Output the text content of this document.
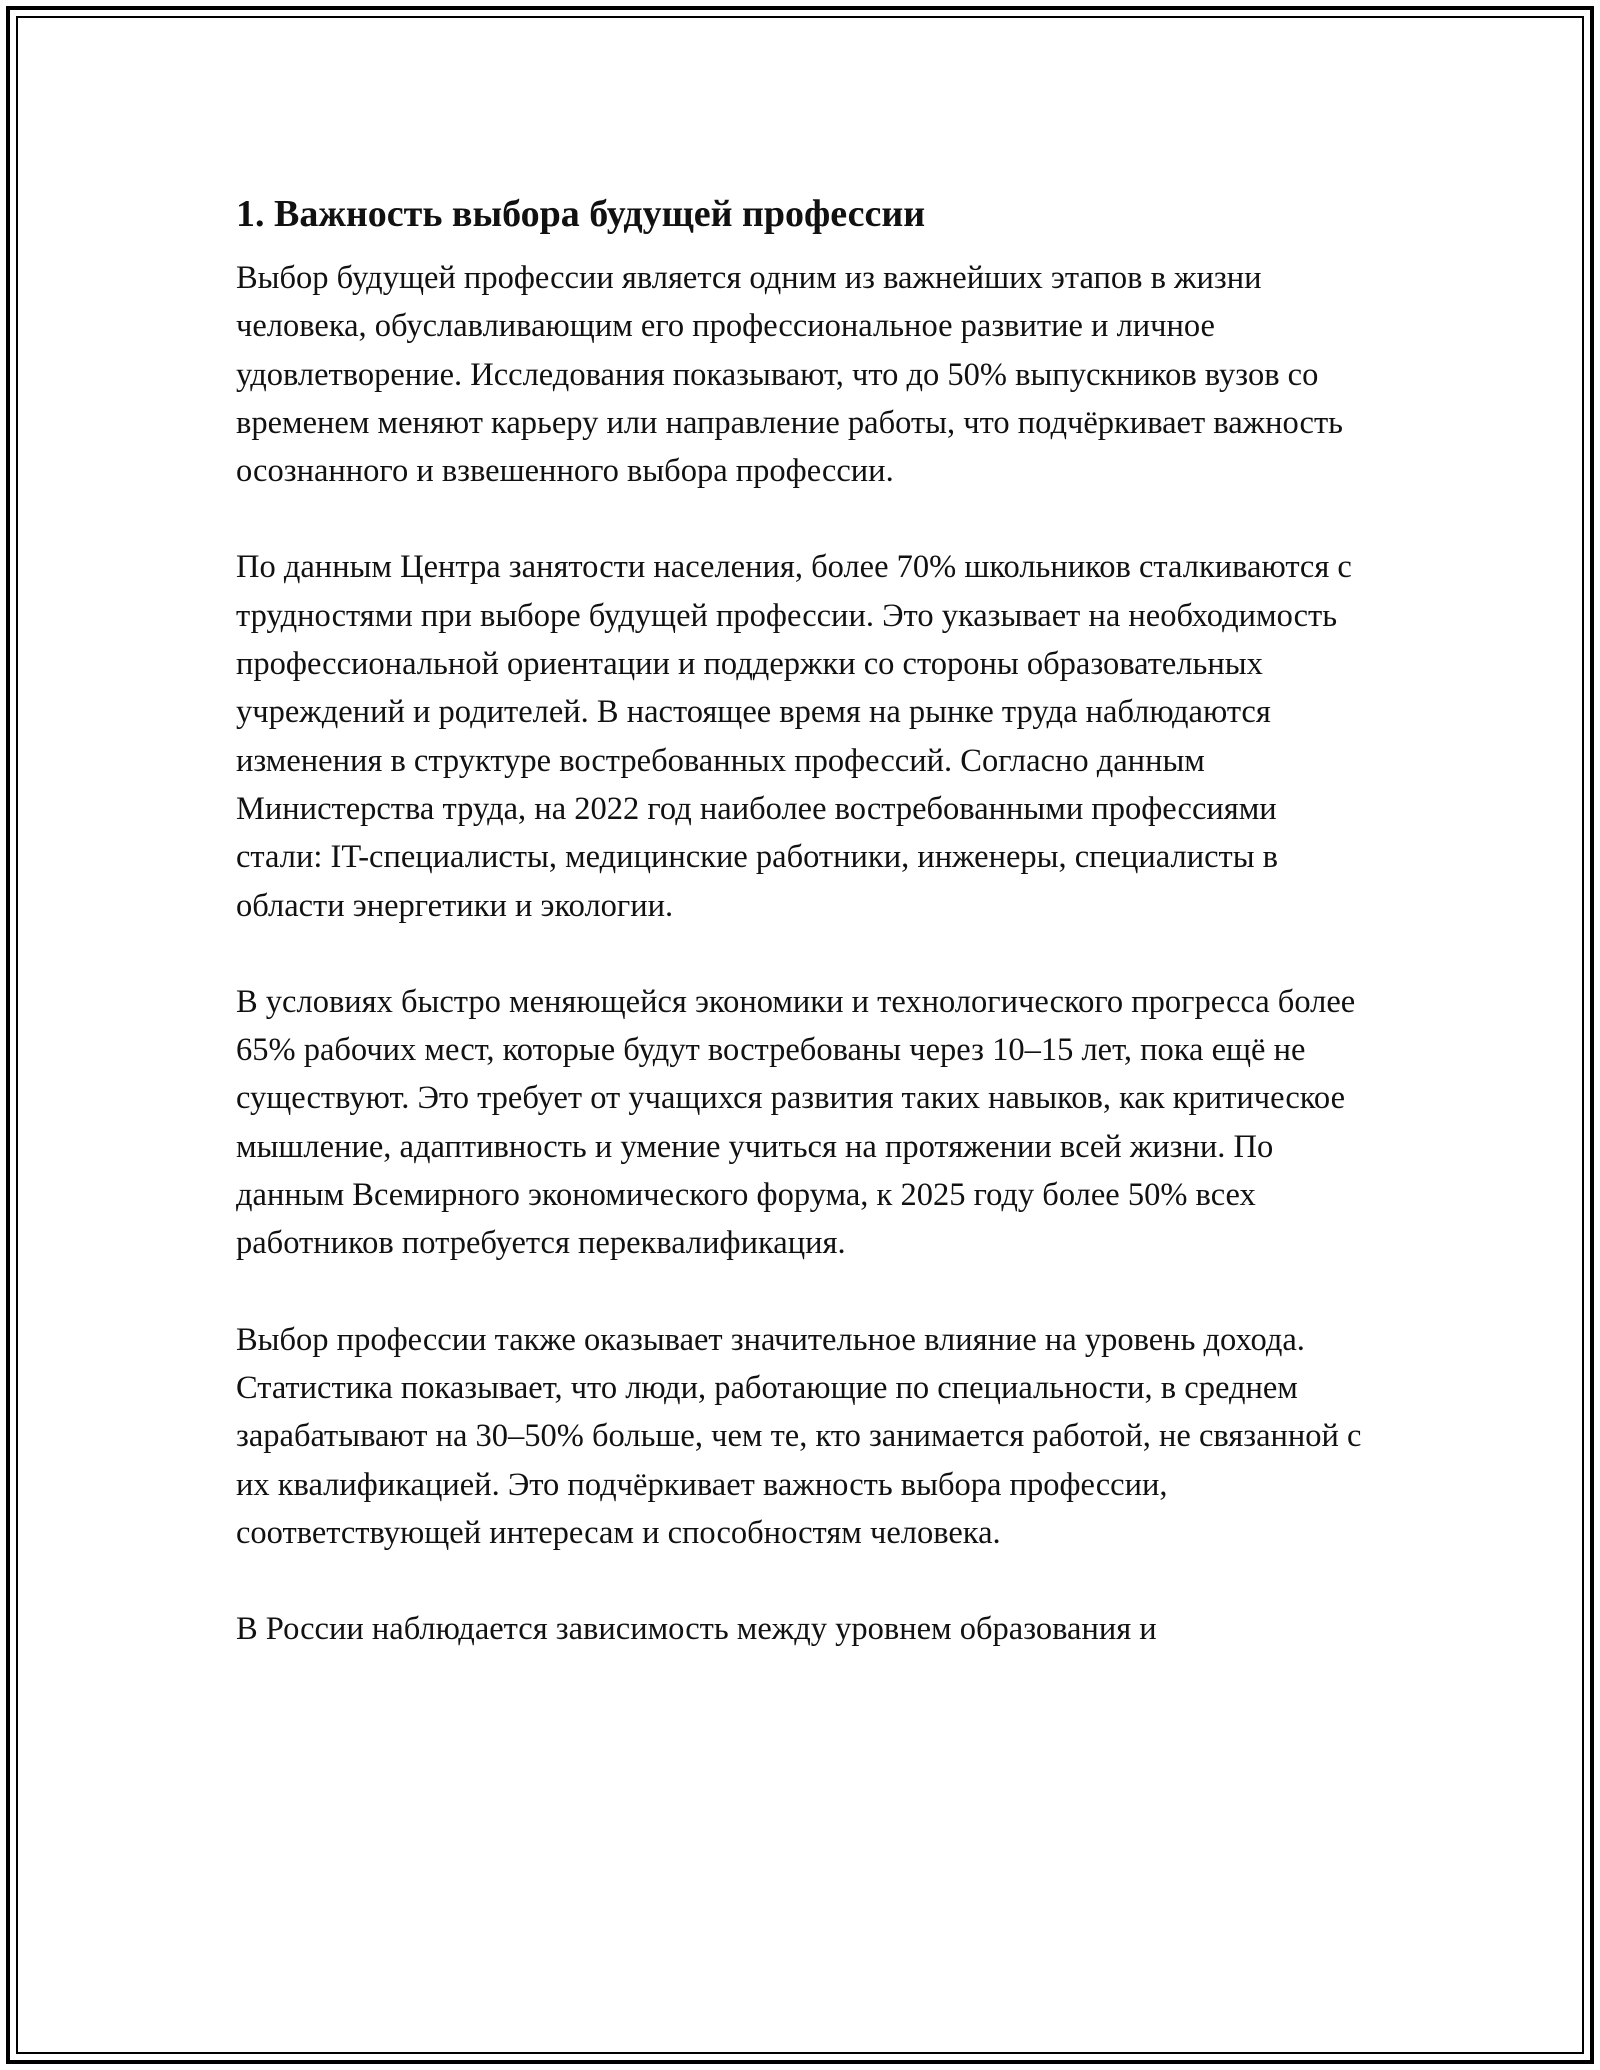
1. Важность выбора будущей профессии

Выбор будущей профессии является одним из важнейших этапов в жизни человека, обуславливающим его профессиональное развитие и личное удовлетворение. Исследования показывают, что до 50% выпускников вузов со временем меняют карьеру или направление работы, что подчёркивает важность осознанного и взвешенного выбора профессии.

По данным Центра занятости населения, более 70% школьников сталкиваются с трудностями при выборе будущей профессии. Это указывает на необходимость профессиональной ориентации и поддержки со стороны образовательных учреждений и родителей. В настоящее время на рынке труда наблюдаются изменения в структуре востребованных профессий. Согласно данным Министерства труда, на 2022 год наиболее востребованными профессиями стали: IT-специалисты, медицинские работники, инженеры, специалисты в области энергетики и экологии.

В условиях быстро меняющейся экономики и технологического прогресса более 65% рабочих мест, которые будут востребованы через 10–15 лет, пока ещё не существуют. Это требует от учащихся развития таких навыков, как критическое мышление, адаптивность и умение учиться на протяжении всей жизни. По данным Всемирного экономического форума, к 2025 году более 50% всех работников потребуется переквалификация.

Выбор профессии также оказывает значительное влияние на уровень дохода. Статистика показывает, что люди, работающие по специальности, в среднем зарабатывают на 30–50% больше, чем те, кто занимается работой, не связанной с их квалификацией. Это подчёркивает важность выбора профессии, соответствующей интересам и способностям человека.

В России наблюдается зависимость между уровнем образования и
